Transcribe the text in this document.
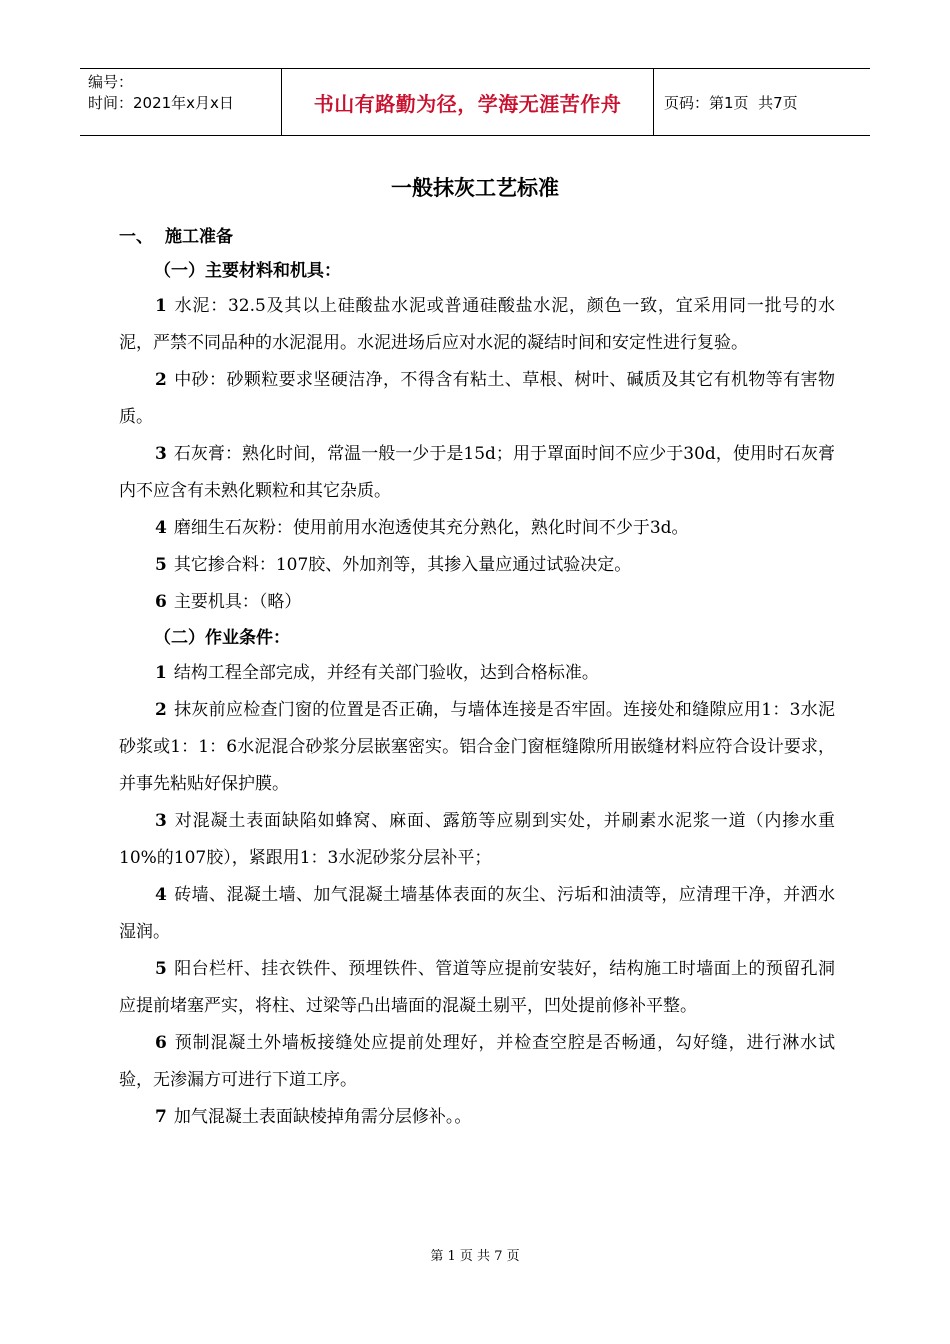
编号：
时间：2021年x月x日	书山有路勤为径，学海无涯苦作舟	页码：第1页  共7页
一般抹灰工艺标准
一、 施工准备
（一）主要材料和机具：

1 水泥：32.5及其以上硅酸盐水泥或普通硅酸盐水泥，颜色一致，宜采用同一批号的水泥，严禁不同品种的水泥混用。水泥进场后应对水泥的凝结时间和安定性进行复验。

2 中砂：砂颗粒要求坚硬洁净，不得含有粘土、草根、树叶、碱质及其它有机物等有害物质。

3 石灰膏：熟化时间，常温一般一少于是15d；用于罩面时间不应少于30d，使用时石灰膏内不应含有未熟化颗粒和其它杂质。

4 磨细生石灰粉：使用前用水泡透使其充分熟化，熟化时间不少于3d。

5 其它掺合料：107胶、外加剂等，其掺入量应通过试验决定。

6 主要机具：（略）

（二）作业条件：

1 结构工程全部完成，并经有关部门验收，达到合格标准。

2 抹灰前应检查门窗的位置是否正确，与墙体连接是否牢固。连接处和缝隙应用1：3水泥砂浆或1：1：6水泥混合砂浆分层嵌塞密实。铝合金门窗框缝隙所用嵌缝材料应符合设计要求，并事先粘贴好保护膜。

3 对混凝土表面缺陷如蜂窝、麻面、露筋等应剔到实处，并刷素水泥浆一道（内掺水重10%的107胶），紧跟用1：3水泥砂浆分层补平；

4 砖墙、混凝土墙、加气混凝土墙基体表面的灰尘、污垢和油渍等，应清理干净，并洒水湿润。

5 阳台栏杆、挂衣铁件、预埋铁件、管道等应提前安装好，结构施工时墙面上的预留孔洞应提前堵塞严实，将柱、过梁等凸出墙面的混凝土剔平，凹处提前修补平整。

6 预制混凝土外墙板接缝处应提前处理好，并检查空腔是否畅通，勾好缝，进行淋水试验，无渗漏方可进行下道工序。

7 加气混凝土表面缺棱掉角需分层修补。。

第 1 页 共 7 页
